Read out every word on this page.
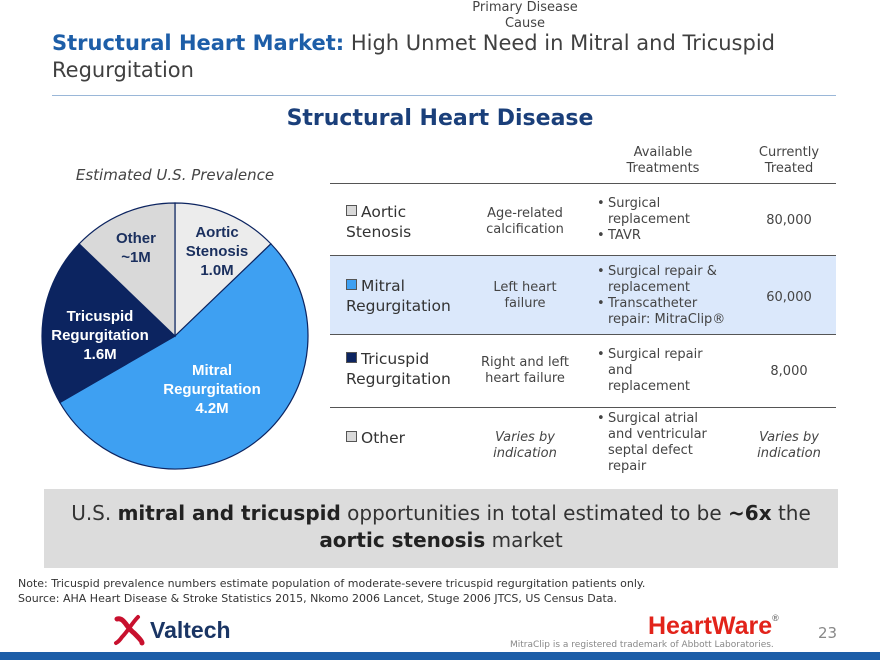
Structural Heart Market: High Unmet Need in Mitral and Tricuspid Regurgitation
Structural Heart Disease
Estimated U.S. Prevalence
Aortic Stenosis 1.0M
Mitral Regurgitation 4.2M
Tricuspid Regurgitation 1.6M
Other ~1M
Primary Disease
Cause
Available
Treatments
Currently
Treated
Aortic
Stenosis
Age-related
calcification
• Surgical
replacement
• TAVR
80,000
Mitral
Regurgitation
Left heart
failure
• Surgical repair &
replacement
• Transcatheter
repair: MitraClip®
60,000
Tricuspid
Regurgitation
Right and left
heart failure
• Surgical repair
and
replacement
8,000
Other	Varies by
indication
• Surgical atrial
and ventricular
septal defect
repair
Varies by
indication
U.S. mitral and tricuspid opportunities in total estimated to be ~6x the
aortic stenosis market
Note: Tricuspid prevalence numbers estimate population of moderate-severe tricuspid regurgitation patients only.
Source: AHA Heart Disease & Stroke Statistics 2015, Nkomo 2006 Lancet, Stuge 2006 JTCS, US Census Data.
Valtech	HeartWare®
MitraClip is a registered trademark of Abbott Laboratories.
23
